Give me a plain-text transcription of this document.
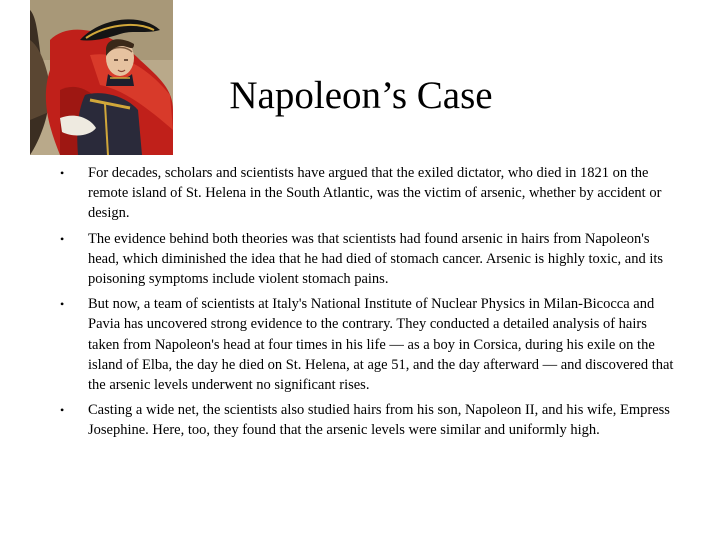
Napoleon’s Case
• For decades, scholars and scientists have argued that the exiled dictator, who died in 1821 on the remote island of St. Helena in the South Atlantic, was the victim of arsenic, whether by accident or design.
• The evidence behind both theories was that scientists had found arsenic in hairs from Napoleon's head, which diminished the idea that he had died of stomach cancer. Arsenic is highly toxic, and its poisoning symptoms include violent stomach pains.
• But now, a team of scientists at Italy's National Institute of Nuclear Physics in Milan-Bicocca and Pavia has uncovered strong evidence to the contrary. They conducted a detailed analysis of hairs taken from Napoleon's head at four times in his life — as a boy in Corsica, during his exile on the island of Elba, the day he died on St. Helena, at age 51, and the day afterward — and discovered that the arsenic levels underwent no significant rises.
• Casting a wide net, the scientists also studied hairs from his son, Napoleon II, and his wife, Empress Josephine. Here, too, they found that the arsenic levels were similar and uniformly high.
